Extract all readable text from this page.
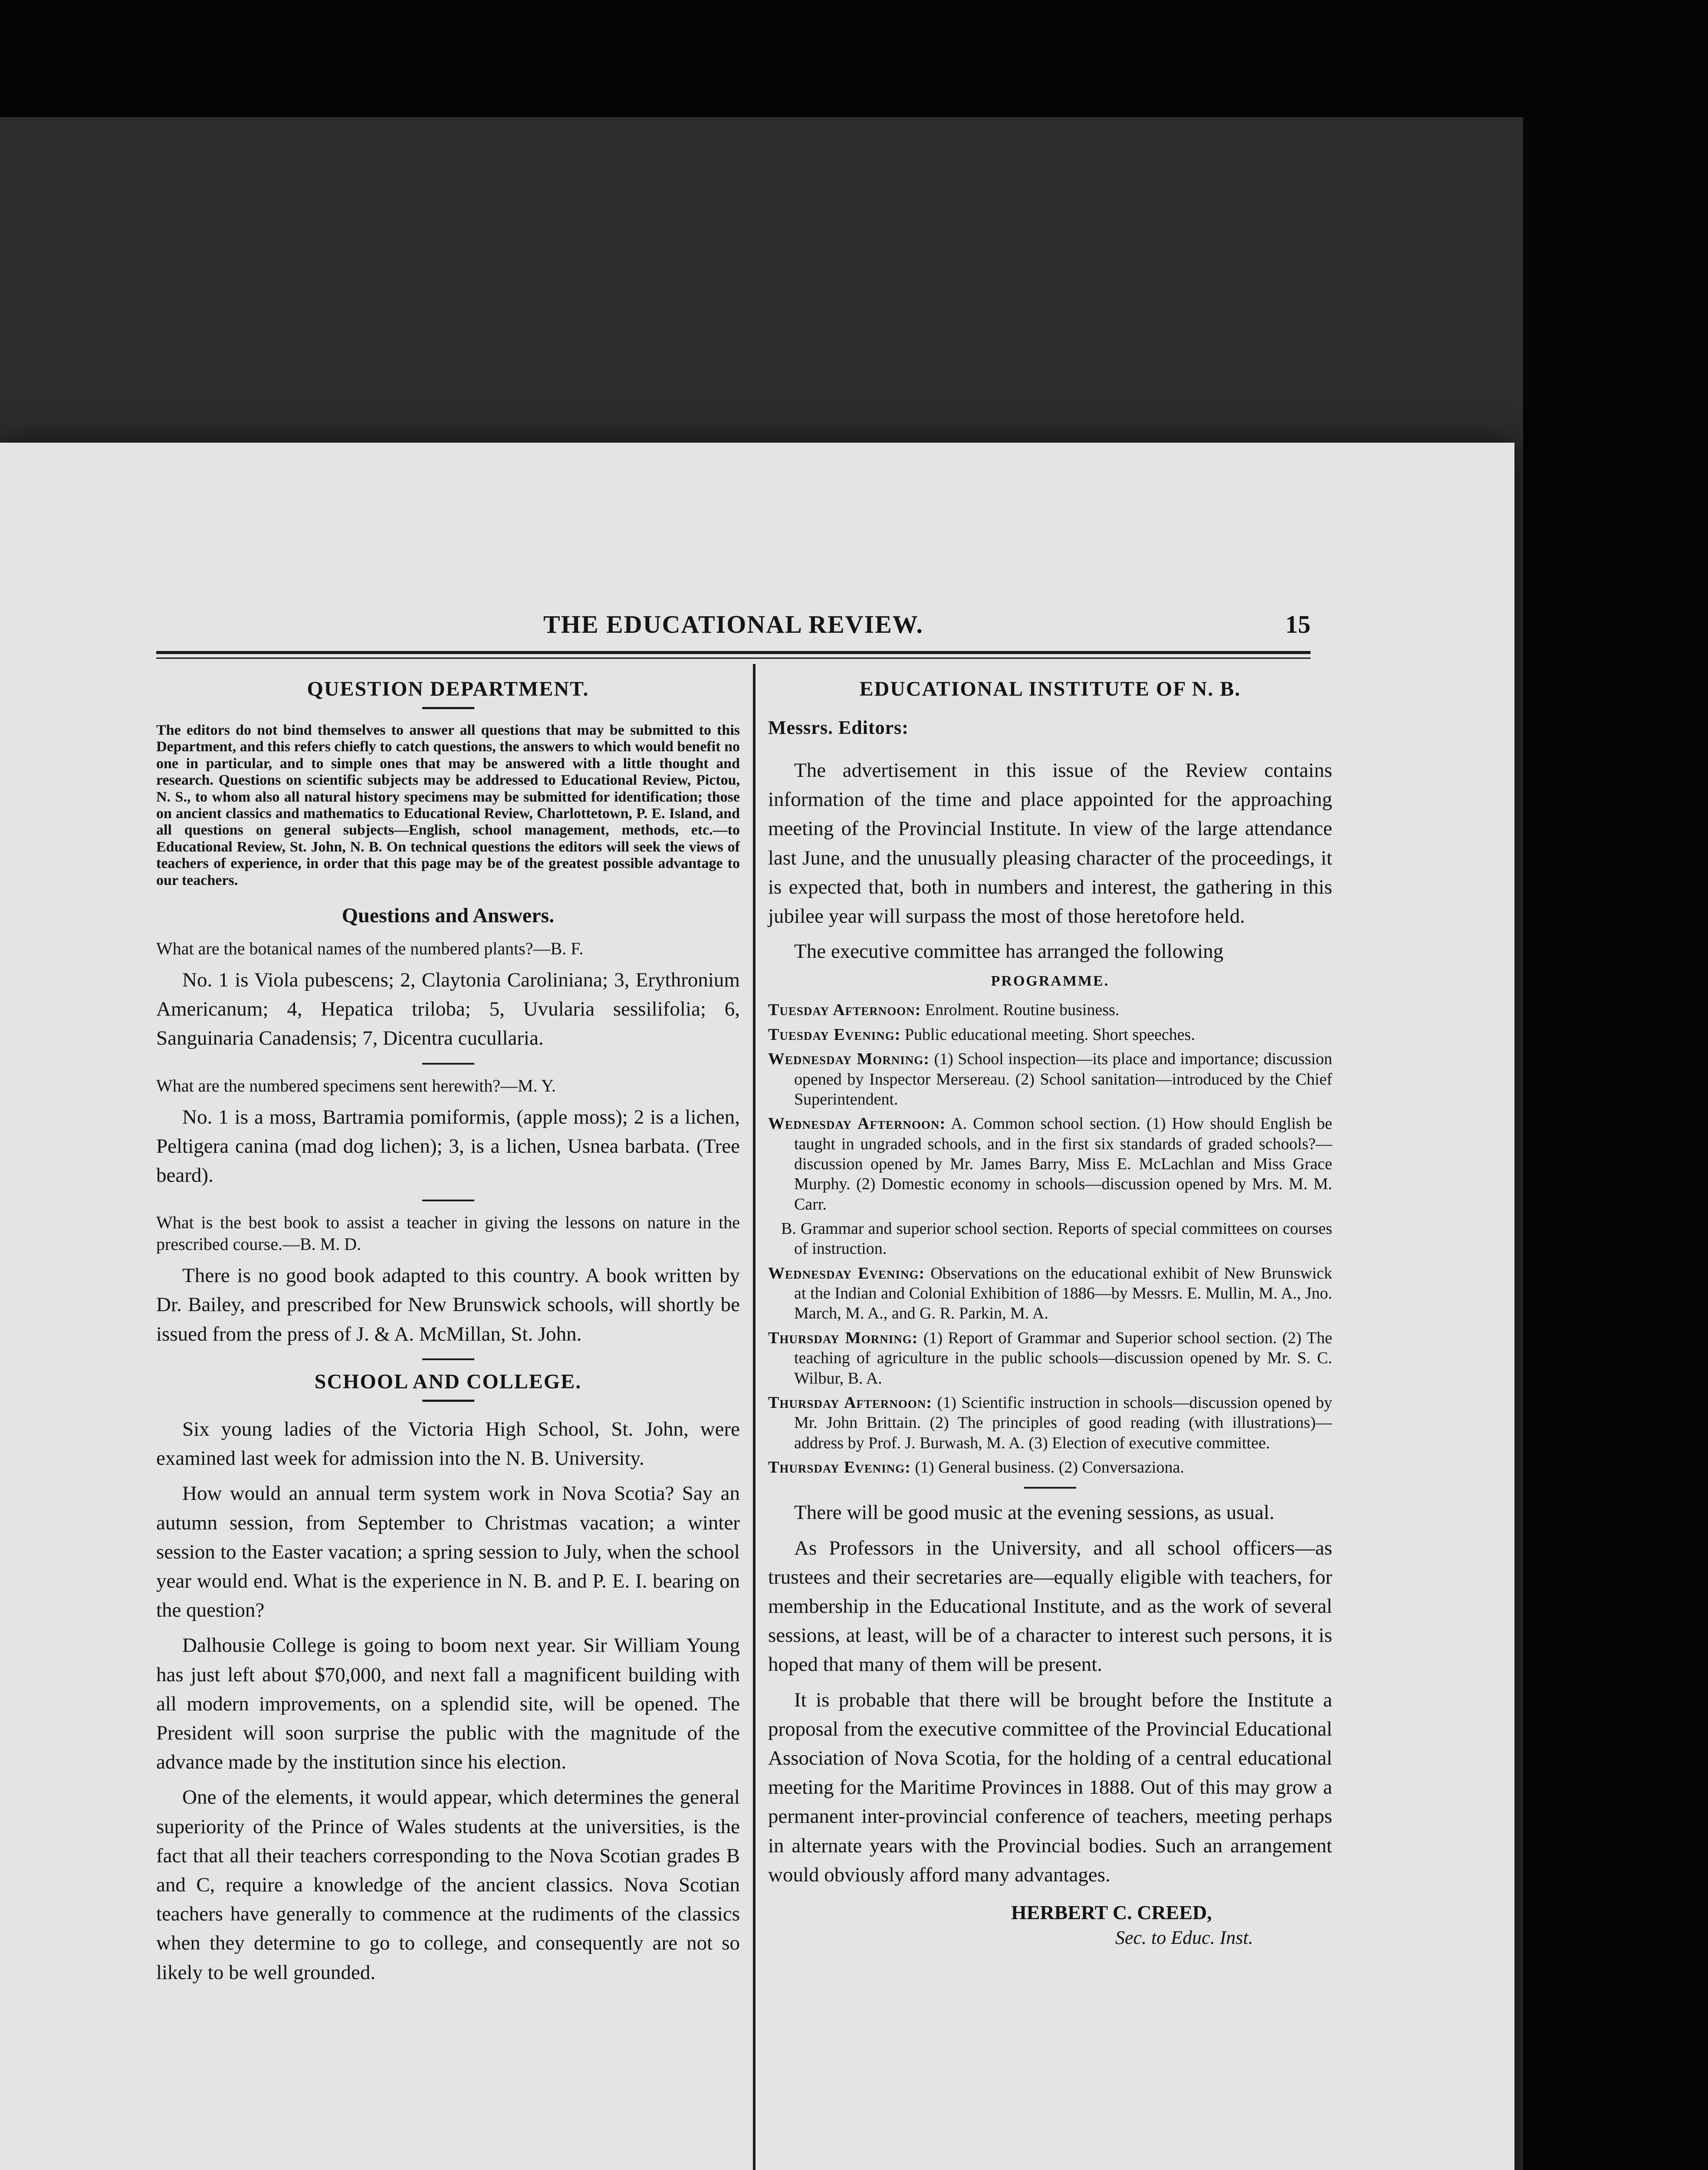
THE EDUCATIONAL REVIEW.	15
QUESTION DEPARTMENT.
The editors do not bind themselves to answer all questions that may be submitted to this Department, and this refers chiefly to catch questions, the answers to which would benefit no one in particular, and to simple ones that may be answered with a little thought and research. Questions on scientific subjects may be addressed to Educational Review, Pictou, N. S., to whom also all natural history specimens may be submitted for identification; those on ancient classics and mathematics to Educational Review, Charlottetown, P. E. Island, and all questions on general subjects—English, school management, methods, etc.—to Educational Review, St. John, N. B. On technical questions the editors will seek the views of teachers of experience, in order that this page may be of the greatest possible advantage to our teachers.
Questions and Answers.
What are the botanical names of the numbered plants?—B. F.
No. 1 is Viola pubescens; 2, Claytonia Caroliniana; 3, Erythronium Americanum; 4, Hepatica triloba; 5, Uvularia sessilifolia; 6, Sanguinaria Canadensis; 7, Dicentra cucullaria.
What are the numbered specimens sent herewith?—M. Y.
No. 1 is a moss, Bartramia pomiformis, (apple moss); 2 is a lichen, Peltigera canina (mad dog lichen); 3, is a lichen, Usnea barbata. (Tree beard).
What is the best book to assist a teacher in giving the lessons on nature in the prescribed course.—B. M. D.
There is no good book adapted to this country. A book written by Dr. Bailey, and prescribed for New Brunswick schools, will shortly be issued from the press of J. & A. McMillan, St. John.
SCHOOL AND COLLEGE.
Six young ladies of the Victoria High School, St. John, were examined last week for admission into the N. B. University.
How would an annual term system work in Nova Scotia? Say an autumn session, from September to Christmas vacation; a winter session to the Easter vacation; a spring session to July, when the school year would end. What is the experience in N. B. and P. E. I. bearing on the question?
Dalhousie College is going to boom next year. Sir William Young has just left about $70,000, and next fall a magnificent building with all modern improvements, on a splendid site, will be opened. The President will soon surprise the public with the magnitude of the advance made by the institution since his election.
One of the elements, it would appear, which determines the general superiority of the Prince of Wales students at the universities, is the fact that all their teachers corresponding to the Nova Scotian grades B and C, require a knowledge of the ancient classics. Nova Scotian teachers have generally to commence at the rudiments of the classics when they determine to go to college, and consequently are not so likely to be well grounded.
EDUCATIONAL INSTITUTE OF N. B.
Messrs. Editors:
The advertisement in this issue of the Review contains information of the time and place appointed for the approaching meeting of the Provincial Institute. In view of the large attendance last June, and the unusually pleasing character of the proceedings, it is expected that, both in numbers and interest, the gathering in this jubilee year will surpass the most of those heretofore held.
The executive committee has arranged the following
PROGRAMME.
Tuesday Afternoon: Enrolment. Routine business.
Tuesday Evening: Public educational meeting. Short speeches.
Wednesday Morning: (1) School inspection—its place and importance; discussion opened by Inspector Mersereau. (2) School sanitation—introduced by the Chief Superintendent.
Wednesday Afternoon: A. Common school section. (1) How should English be taught in ungraded schools, and in the first six standards of graded schools?—discussion opened by Mr. James Barry, Miss E. McLachlan and Miss Grace Murphy. (2) Domestic economy in schools—discussion opened by Mrs. M. M. Carr.
B. Grammar and superior school section. Reports of special committees on courses of instruction.
Wednesday Evening: Observations on the educational exhibit of New Brunswick at the Indian and Colonial Exhibition of 1886—by Messrs. E. Mullin, M. A., Jno. March, M. A., and G. R. Parkin, M. A.
Thursday Morning: (1) Report of Grammar and Superior school section. (2) The teaching of agriculture in the public schools—discussion opened by Mr. S. C. Wilbur, B. A.
Thursday Afternoon: (1) Scientific instruction in schools—discussion opened by Mr. John Brittain. (2) The principles of good reading (with illustrations)—address by Prof. J. Burwash, M. A. (3) Election of executive committee.
Thursday Evening: (1) General business. (2) Conversaziona.
There will be good music at the evening sessions, as usual.
As Professors in the University, and all school officers—as trustees and their secretaries are—equally eligible with teachers, for membership in the Educational Institute, and as the work of several sessions, at least, will be of a character to interest such persons, it is hoped that many of them will be present.
It is probable that there will be brought before the Institute a proposal from the executive committee of the Provincial Educational Association of Nova Scotia, for the holding of a central educational meeting for the Maritime Provinces in 1888. Out of this may grow a permanent inter-provincial conference of teachers, meeting perhaps in alternate years with the Provincial bodies. Such an arrangement would obviously afford many advantages.
HERBERT C. CREED,
Sec. to Educ. Inst.
